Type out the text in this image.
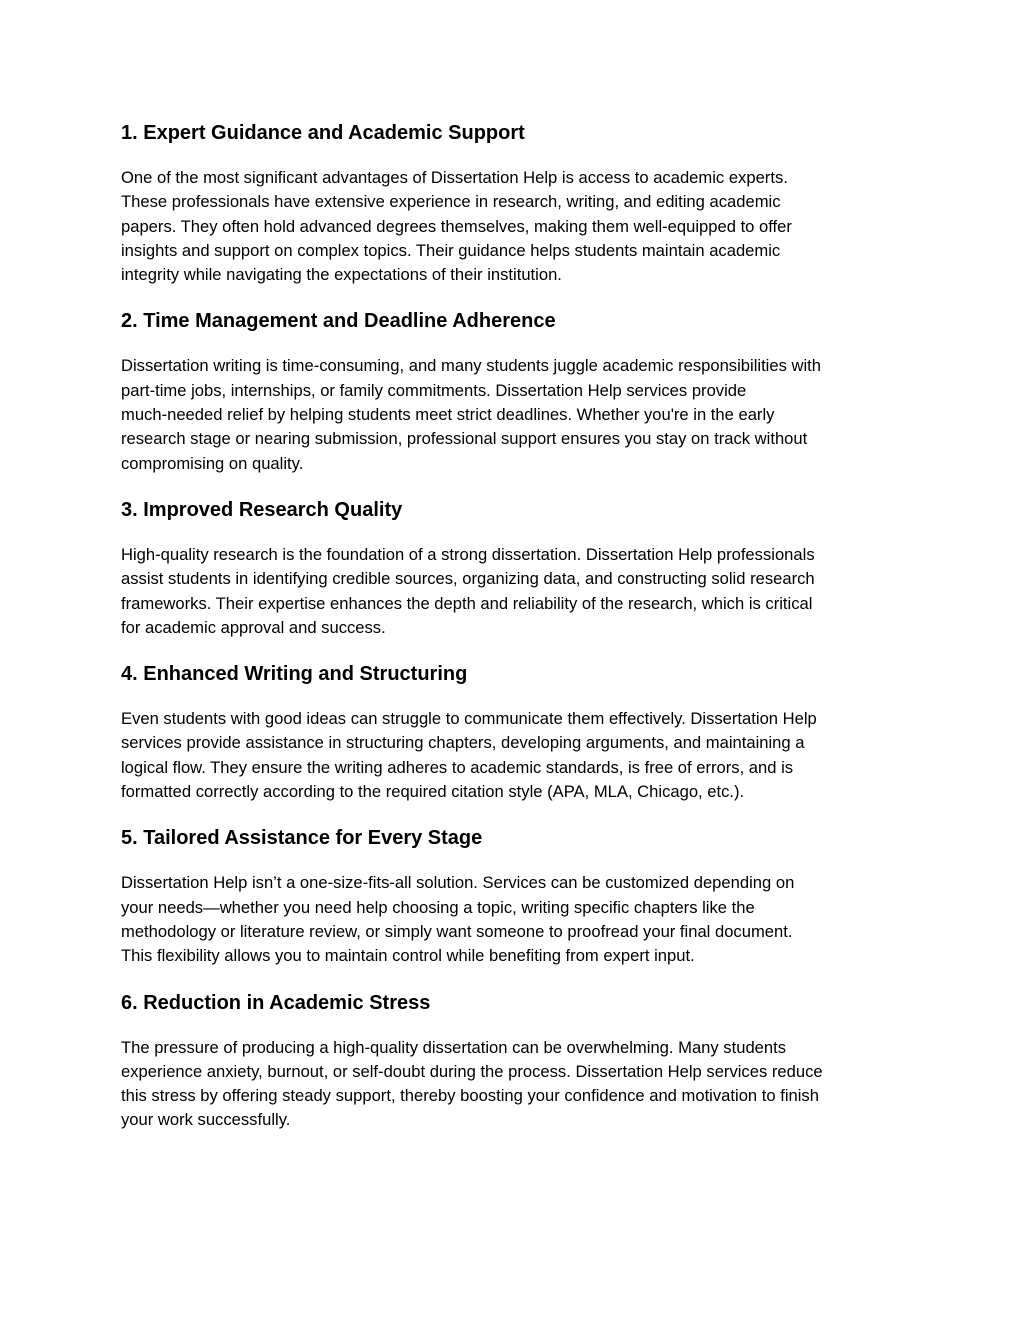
1. Expert Guidance and Academic Support

One of the most significant advantages of Dissertation Help is access to academic experts.
These professionals have extensive experience in research, writing, and editing academic
papers. They often hold advanced degrees themselves, making them well-equipped to offer
insights and support on complex topics. Their guidance helps students maintain academic
integrity while navigating the expectations of their institution.

2. Time Management and Deadline Adherence

Dissertation writing is time-consuming, and many students juggle academic responsibilities with
part-time jobs, internships, or family commitments. Dissertation Help services provide
much-needed relief by helping students meet strict deadlines. Whether you're in the early
research stage or nearing submission, professional support ensures you stay on track without
compromising on quality.

3. Improved Research Quality

High-quality research is the foundation of a strong dissertation. Dissertation Help professionals
assist students in identifying credible sources, organizing data, and constructing solid research
frameworks. Their expertise enhances the depth and reliability of the research, which is critical
for academic approval and success.

4. Enhanced Writing and Structuring

Even students with good ideas can struggle to communicate them effectively. Dissertation Help
services provide assistance in structuring chapters, developing arguments, and maintaining a
logical flow. They ensure the writing adheres to academic standards, is free of errors, and is
formatted correctly according to the required citation style (APA, MLA, Chicago, etc.).

5. Tailored Assistance for Every Stage

Dissertation Help isn’t a one-size-fits-all solution. Services can be customized depending on
your needs—whether you need help choosing a topic, writing specific chapters like the
methodology or literature review, or simply want someone to proofread your final document.
This flexibility allows you to maintain control while benefiting from expert input.

6. Reduction in Academic Stress

The pressure of producing a high-quality dissertation can be overwhelming. Many students
experience anxiety, burnout, or self-doubt during the process. Dissertation Help services reduce
this stress by offering steady support, thereby boosting your confidence and motivation to finish
your work successfully.
